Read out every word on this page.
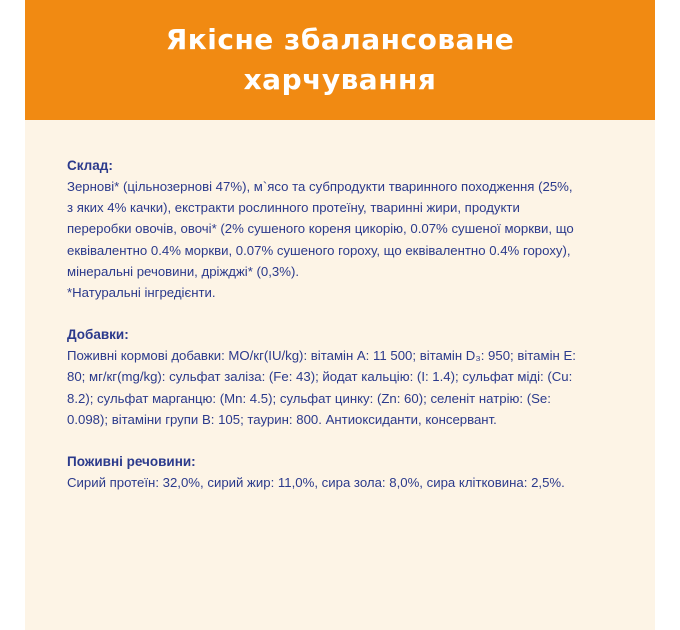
Якісне збалансоване
харчування
Склад:

Зернові* (цільнозернові 47%), м`ясо та субпродукти тваринного походження (25%, з яких 4% качки), екстракти рослинного протеїну, тваринні жири, продукти переробки овочів, овочі* (2% сушеного кореня цикорію, 0.07% сушеної моркви, що еквівалентно 0.4% моркви, 0.07% сушеного гороху, що еквівалентно 0.4% гороху), мінеральні речовини, дріжджі* (0,3%).

*Натуральні інгредієнти.

Добавки:

Поживні кормові добавки: МО/кг(IU/kg): вітамін А: 11 500; вітамін D₃: 950; вітамін Е: 80; мг/кг(mg/kg): сульфат заліза: (Fe: 43); йодат кальцію: (I: 1.4); сульфат міді: (Cu: 8.2); сульфат марганцю: (Mn: 4.5); сульфат цинку: (Zn: 60); селеніт натрію: (Se: 0.098); вітаміни групи В: 105; таурин: 800. Антиоксиданти, консервант.

Поживні речовини:

Сирий протеїн: 32,0%, сирий жир: 11,0%, сира зола: 8,0%, сира клітковина: 2,5%.
